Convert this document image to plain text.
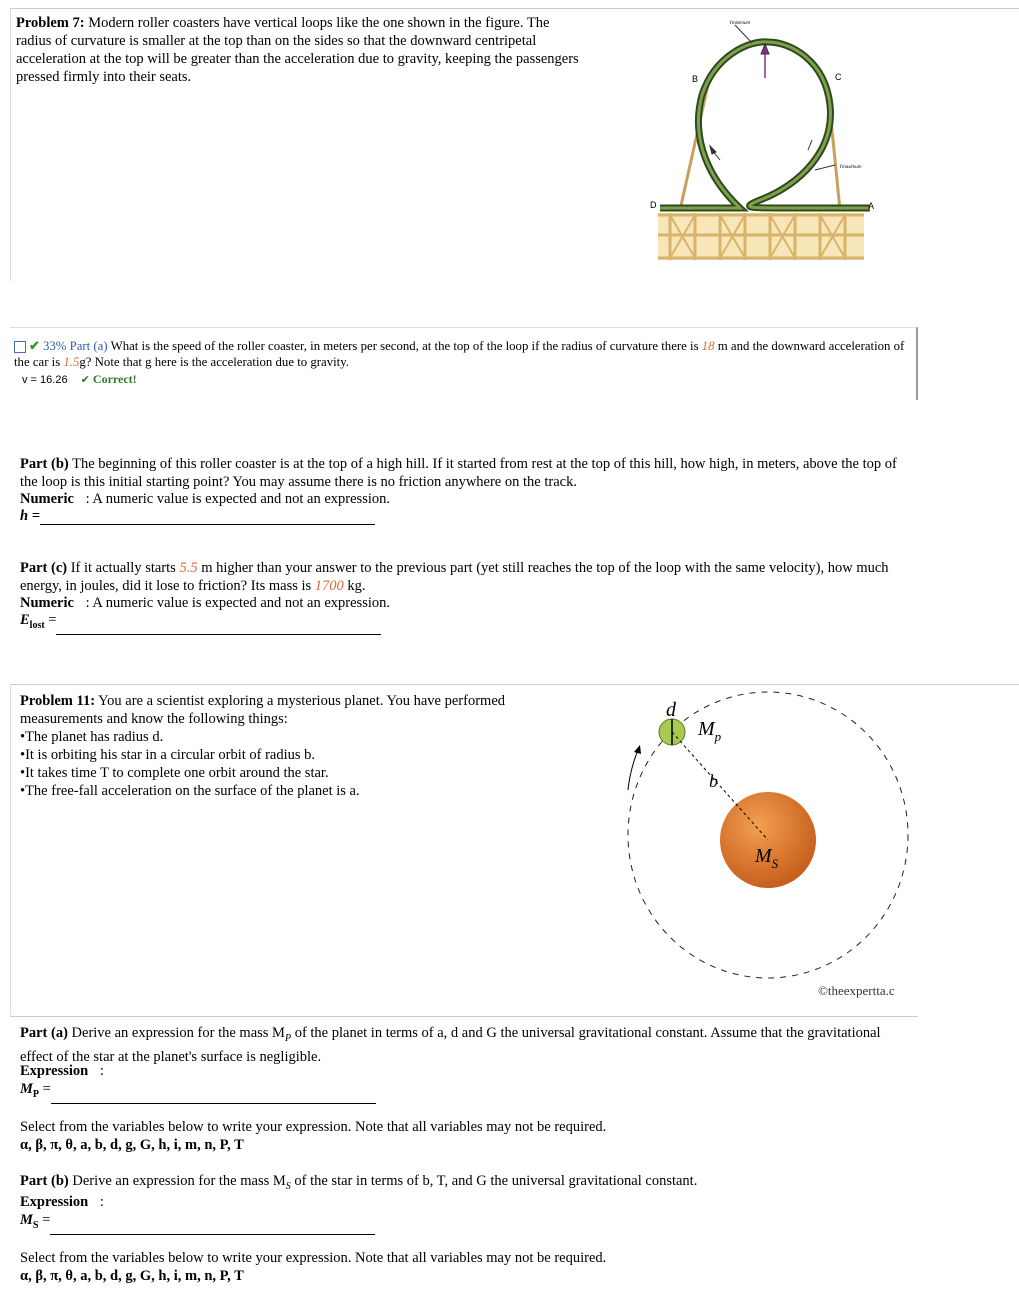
Problem 7: Modern roller coasters have vertical loops like the one shown in the figure. The radius of curvature is smaller at the top than on the sides so that the downward centripetal acceleration at the top will be greater than the acceleration due to gravity, keeping the passengers pressed firmly into their seats.
rminimum
rmaximum
B	C
D	A
✔ 33% Part (a) What is the speed of the roller coaster, in meters per second, at the top of the loop if the radius of curvature there is 18 m and the downward acceleration of the car is 1.5g? Note that g here is the acceleration due to gravity.
v = 16.26 ✔ Correct!
Part (b) The beginning of this roller coaster is at the top of a high hill. If it started from rest at the top of this hill, how high, in meters, above the top of the loop is this initial starting point? You may assume there is no friction anywhere on the track.
Numeric : A numeric value is expected and not an expression.
h =
Part (c) If it actually starts 5.5 m higher than your answer to the previous part (yet still reaches the top of the loop with the same velocity), how much energy, in joules, did it lose to friction? Its mass is 1700 kg.
Numeric : A numeric value is expected and not an expression.
$E_{lost}$ =
Problem 11: You are a scientist exploring a mysterious planet. You have performed measurements and know the following things:
•The planet has radius d.
•It is orbiting his star in a circular orbit of radius b.
•It takes time T to complete one orbit around the star.
•The free-fall acceleration on the surface of the planet is a.
d
$M_p$
b
$M_S$
©theexpertta.c
Part (a) Derive an expression for the mass $M_P$ of the planet in terms of a, d and G the universal gravitational constant. Assume that the gravitational effect of the star at the planet's surface is negligible.
Expression :
$M_P$ =
Select from the variables below to write your expression. Note that all variables may not be required.
α, β, π, θ, a, b, d, g, G, h, i, m, n, P, T
Part (b) Derive an expression for the mass $M_S$ of the star in terms of b, T, and G the universal gravitational constant.
Expression :
$M_S$ =
Select from the variables below to write your expression. Note that all variables may not be required.
α, β, π, θ, a, b, d, g, G, h, i, m, n, P, T
